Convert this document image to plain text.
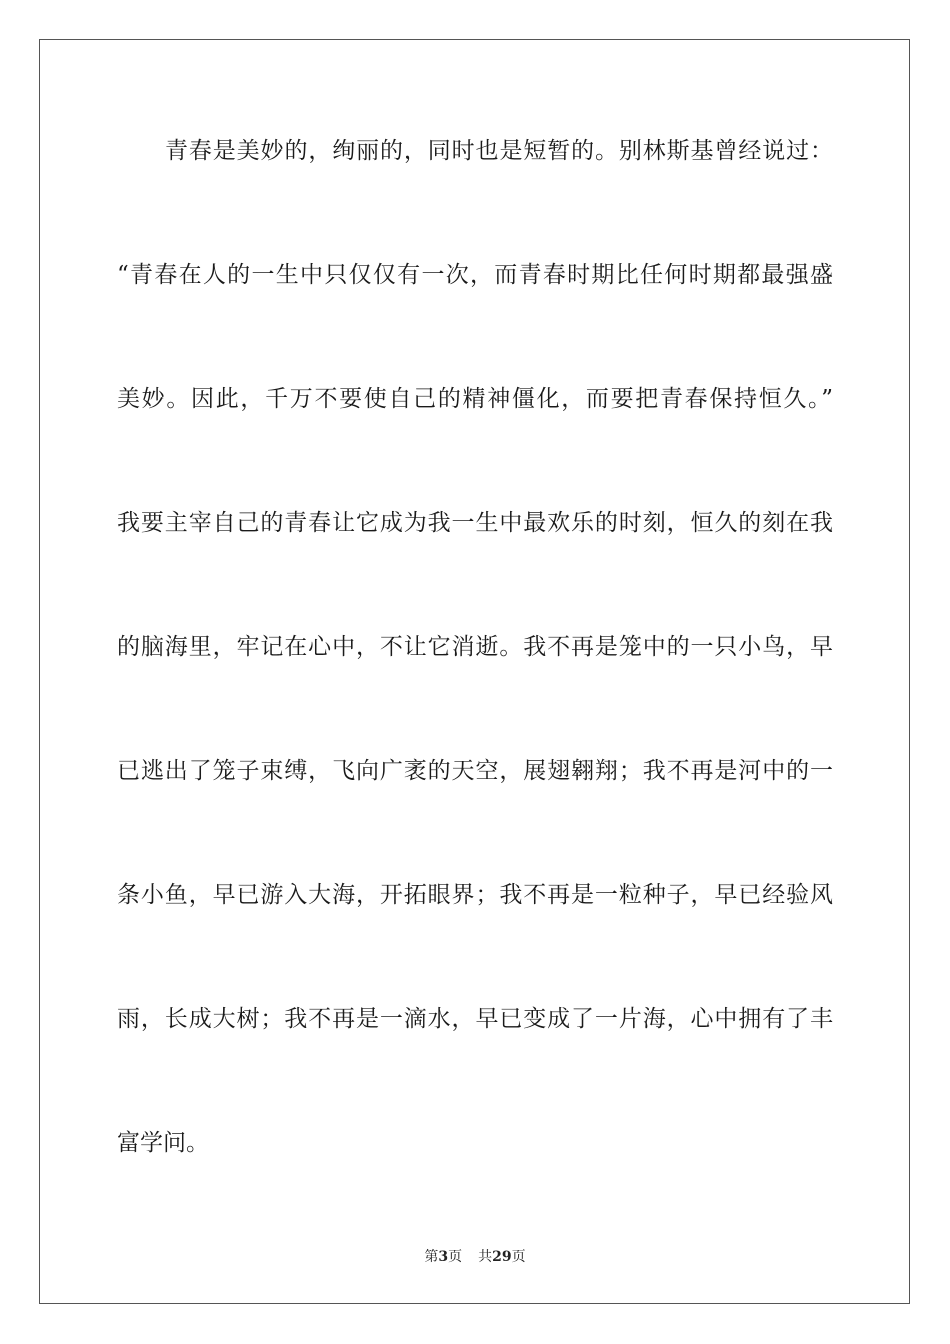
青春是美妙的，绚丽的，同时也是短暂的。别林斯基曾经说过：
“青春在人的一生中只仅仅有一次，而青春时期比任何时期都最强盛
美妙。因此，千万不要使自己的精神僵化，而要把青春保持恒久。”
我要主宰自己的青春让它成为我一生中最欢乐的时刻，恒久的刻在我
的脑海里，牢记在心中，不让它消逝。我不再是笼中的一只小鸟，早
已逃出了笼子束缚，飞向广袤的天空，展翅翱翔；我不再是河中的一
条小鱼，早已游入大海，开拓眼界；我不再是一粒种子，早已经验风
雨，长成大树；我不再是一滴水，早已变成了一片海，心中拥有了丰
富学问。
第3页 共29页
